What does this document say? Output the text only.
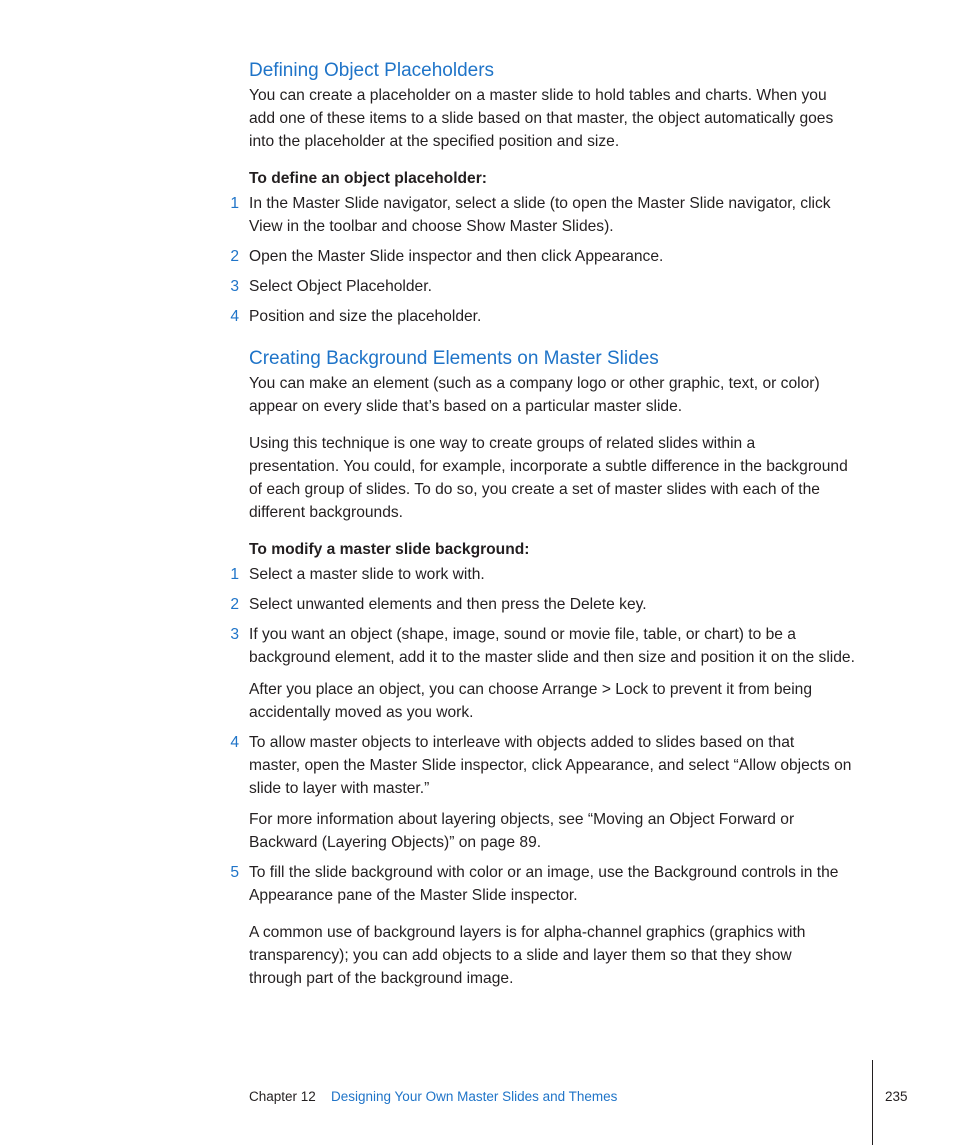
Defining Object Placeholders
You can create a placeholder on a master slide to hold tables and charts. When you
add one of these items to a slide based on that master, the object automatically goes
into the placeholder at the specified position and size.
To define an object placeholder:
1 In the Master Slide navigator, select a slide (to open the Master Slide navigator, click
View in the toolbar and choose Show Master Slides).
2 Open the Master Slide inspector and then click Appearance.
3 Select Object Placeholder.
4 Position and size the placeholder.
Creating Background Elements on Master Slides
You can make an element (such as a company logo or other graphic, text, or color)
appear on every slide that’s based on a particular master slide.
Using this technique is one way to create groups of related slides within a
presentation. You could, for example, incorporate a subtle difference in the background
of each group of slides. To do so, you create a set of master slides with each of the
different backgrounds.
To modify a master slide background:
1 Select a master slide to work with.
2 Select unwanted elements and then press the Delete key.
3 If you want an object (shape, image, sound or movie file, table, or chart) to be a
background element, add it to the master slide and then size and position it on the slide.
After you place an object, you can choose Arrange > Lock to prevent it from being
accidentally moved as you work.
4 To allow master objects to interleave with objects added to slides based on that
master, open the Master Slide inspector, click Appearance, and select “Allow objects on
slide to layer with master.”
For more information about layering objects, see “Moving an Object Forward or
Backward (Layering Objects)” on page 89.
5 To fill the slide background with color or an image, use the Background controls in the
Appearance pane of the Master Slide inspector.
A common use of background layers is for alpha-channel graphics (graphics with
transparency); you can add objects to a slide and layer them so that they show
through part of the background image.
Chapter 12 Designing Your Own Master Slides and Themes	235
